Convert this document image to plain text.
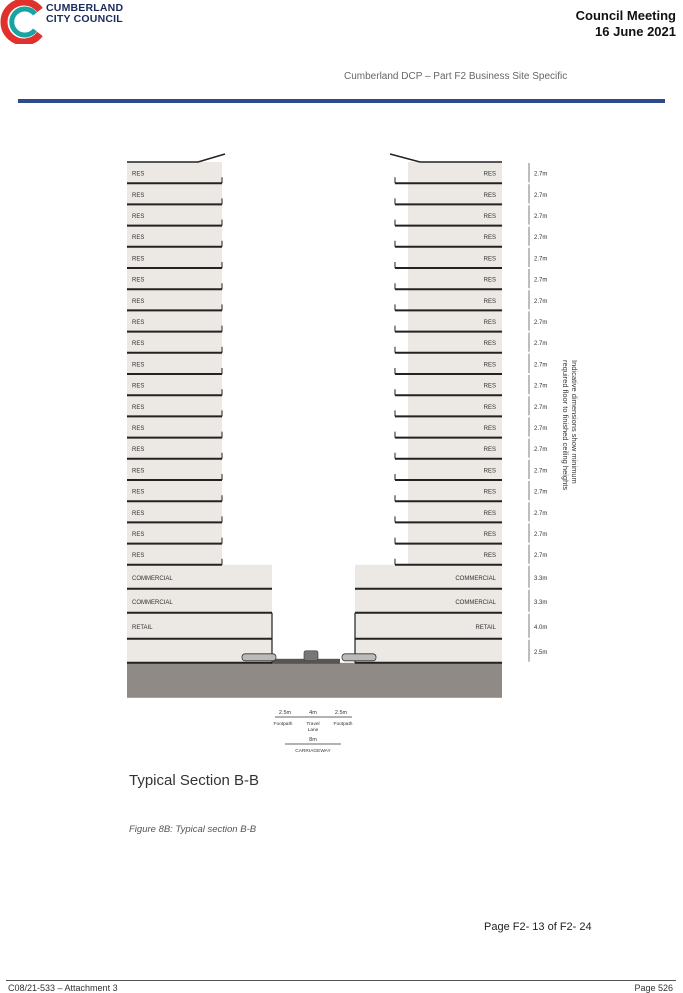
CUMBERLAND
CITY COUNCIL	Council Meeting
16 June 2021
Cumberland DCP – Part F2 Business Site Specific
RES	RES	2.7m
RES	RES	2.7m
RES	RES	2.7m
RES	RES	2.7m
RES	RES	2.7m
RES	RES	2.7m
RES	RES	2.7m
RES	RES	2.7m
RES	RES	2.7m
RES	RES	2.7m
RES	RES	2.7m
RES	RES	2.7m
RES	RES	2.7m
RES	RES	2.7m
RES	RES	2.7m
RES	RES	2.7m
RES	RES	2.7m
RES	RES	2.7m
RES	RES	2.7m
COMMERCIAL	COMMERCIAL	3.3m
COMMERCIAL	COMMERCIAL	3.3m
RETAIL	RETAIL	4.0m
2.5m
Indicative dimensions show minimum
required floor to finished ceiling heights
2.5m	4m	2.5m
Footpath	Travel
Lane
Footpath
8m
CARRIAGEWAY
Typical Section B-B
Figure 8B: Typical section B-B
Page F2- 13 of F2- 24
C08/21-533 – Attachment 3	Page 526
